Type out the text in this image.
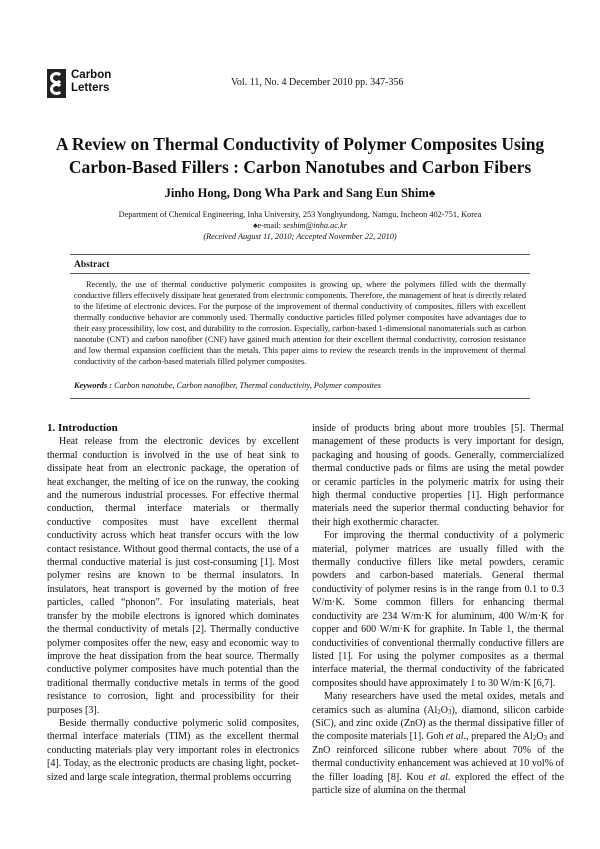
Carbon
Letters	Vol. 11, No. 4 December 2010 pp. 347-356
A Review on Thermal Conductivity of Polymer Composites Using
Carbon-Based Fillers : Carbon Nanotubes and Carbon Fibers

Jinho Hong, Dong Wha Park and Sang Eun Shim♠

Department of Chemical Engineering, Inha University, 253 Yonghyundong, Namgu, Incheon 402-751, Korea
♠e-mail: seshim@inha.ac.kr
(Received August 11, 2010; Accepted November 22, 2010)
Abstract

Recently, the use of thermal conductive polymeric composites is growing up, where the polymers filled with the thermally conductive fillers effectively dissipate heat generated from electronic components. Therefore, the management of heat is directly related to the lifetime of electronic devices. For the purpose of the improvement of thermal conductivity of composites, fillers with excellent thermally conductive behavior are commonly used. Thermally conductive particles filled polymer composites have advantages due to their easy processibility, low cost, and durability to the corrosion. Especially, carbon-based 1-dimensional nanomaterials such as carbon nanotube (CNT) and carbon nanofiber (CNF) have gained much attention for their excellent thermal conductivity, corrosion resistance and low thermal expansion coefficient than the metals. This paper aims to review the research trends in the improvement of thermal conductivity of the carbon-based materials filled polymer composites.

Keywords : Carbon nanotube, Carbon nanofiber, Thermal conductivity, Polymer composites

1. Introduction

Heat release from the electronic devices by excellent thermal conduction is involved in the use of heat sink to dissipate heat from an electronic package, the operation of heat exchanger, the melting of ice on the runway, the cooking and the numerous industrial processes. For effective thermal conduction, thermal interface materials or thermally conductive composites must have excellent thermal conductivity across which heat transfer occurs with the low contact resistance. Without good thermal contacts, the use of a thermal conductive material is just cost-consuming [1]. Most polymer resins are known to be thermal insulators. In insulators, heat transport is governed by the motion of free particles, called “phonon”. For insulating materials, heat transfer by the mobile electrons is ignored which dominates the thermal conductivity of metals [2]. Thermally conductive polymer composites offer the new, easy and economic way to improve the heat dissipation from the heat source. Thermally conductive polymer composites have much potential than the traditional thermally conductive metals in terms of the good resistance to corrosion, light and processibility for their purposes [3].

Beside thermally conductive polymeric solid composites, thermal interface materials (TIM) as the excellent thermal conducting materials play very important roles in electronics [4]. Today, as the electronic products are chasing light, pocket-sized and large scale integration, thermal problems occurring

inside of products bring about more troubles [5]. Thermal management of these products is very important for design, packaging and housing of goods. Generally, commercialized thermal conductive pads or films are using the metal powder or ceramic particles in the polymeric matrix for using their high thermal conductive properties [1]. High performance materials need the superior thermal conducting behavior for their high exothermic character.

For improving the thermal conductivity of a polymeric material, polymer matrices are usually filled with the thermally conductive fillers like metal powders, ceramic powders and carbon-based materials. General thermal conductivity of polymer resins is in the range from 0.1 to 0.3 W/m·K. Some common fillers for enhancing thermal conductivity are 234 W/m·K for aluminum, 400 W/m·K for copper and 600 W/m·K for graphite. In Table 1, the thermal conductivities of conventional thermally conductive fillers are listed [1]. For using the polymer composites as a thermal interface material, the thermal conductivity of the fabricated composites should have approximately 1 to 30 W/m·K [6,7].

Many researchers have used the metal oxides, metals and ceramics such as alumina $(Al_2O_3)$, diamond, silicon carbide (SiC), and zinc oxide (ZnO) as the thermal dissipative filler of the composite materials [1]. Goh et al., prepared the $Al_2O_3$ and ZnO reinforced silicone rubber where about 70% of the thermal conductivity enhancement was achieved at 10 vol% of the filler loading [8]. Kou et al. explored the effect of the particle size of alumina on the thermal
